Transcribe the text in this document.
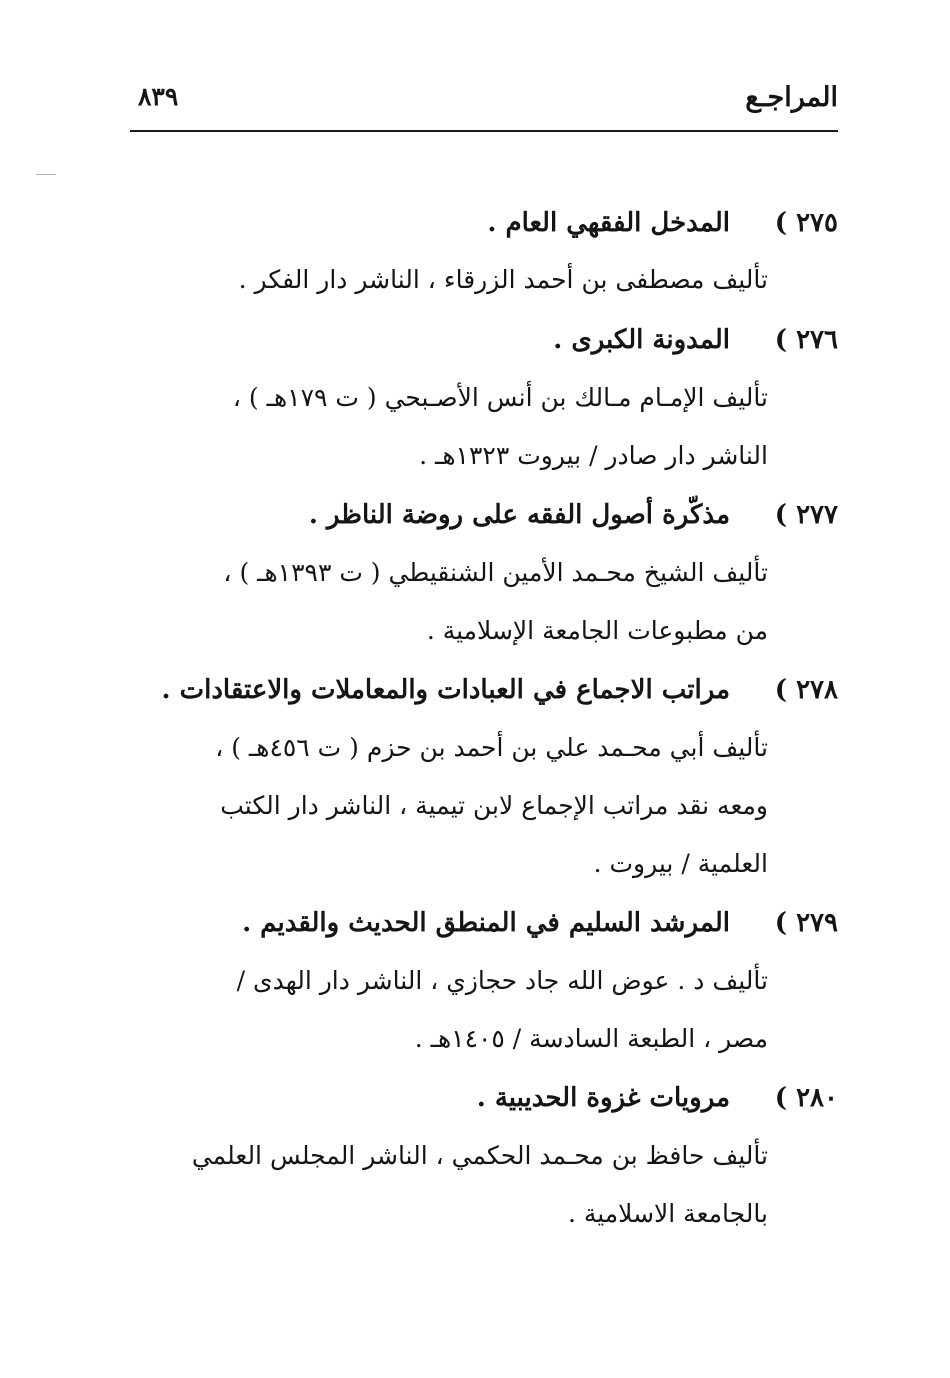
المراجـع
٨٣٩
٢٧٥ )المدخل الفقهي العام .
تأليف مصطفى بن أحمد الزرقاء ، الناشر دار الفكر .
٢٧٦ )المدونة الكبرى .
تأليف الإمـام مـالك بن أنس الأصـبحي ( ت ١٧٩هـ ) ،
الناشر دار صادر / بيروت ١٣٢٣هـ .
٢٧٧ )مذكّرة أصول الفقه على روضة الناظر .
تأليف الشيخ محـمد الأمين الشنقيطي ( ت ١٣٩٣هـ ) ،
من مطبوعات الجامعة الإسلامية .
٢٧٨ )مراتب الاجماع في العبادات والمعاملات والاعتقادات .
تأليف أبي محـمد علي بن أحمد بن حزم ( ت ٤٥٦هـ ) ،
ومعه نقد مراتب الإجماع لابن تيمية ، الناشر دار الكتب
العلمية / بيروت .
٢٧٩ )المرشد السليم في المنطق الحديث والقديم .
تأليف د . عوض الله جاد حجازي ، الناشر دار الهدى /
مصر ، الطبعة السادسة / ١٤٠٥هـ .
٢٨٠ )مرويات غزوة الحديبية .
تأليف حافظ بن محـمد الحكمي ، الناشر المجلس العلمي
بالجامعة الاسلامية .
